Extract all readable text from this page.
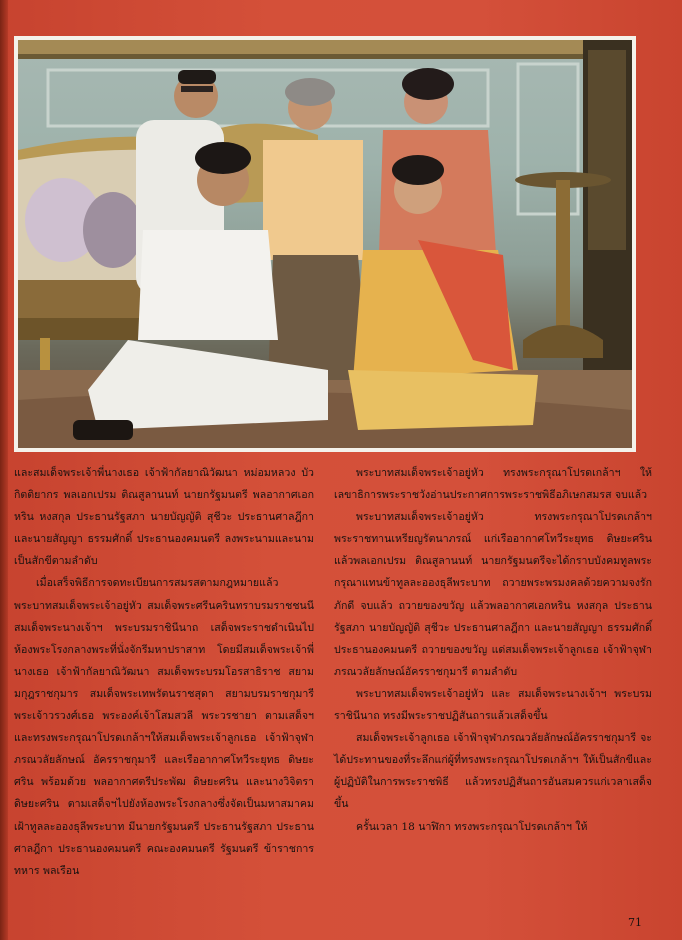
และสมเด็จพระเจ้าพี่นางเธอ เจ้าฟ้ากัลยาณิวัฒนา หม่อมหลวง บัว กิตติยากร พลเอกเปรม ติณสูลานนท์ นายกรัฐมนตรี พลอากาศเอกหริน หงสกุล ประธานรัฐสภา นายบัญญัติ สุชีวะ ประธานศาลฎีกา และนายสัญญา ธรรมศักดิ์ ประธานองคมนตรี ลงพระนามและนามเป็นสักขีตามลำดับ

เมื่อเสร็จพิธีการจดทะเบียนการสมรสตามกฎหมายแล้ว พระบาทสมเด็จพระเจ้าอยู่หัว สมเด็จพระศรีนครินทราบรมราชชนนี สมเด็จพระนางเจ้าฯ พระบรมราชินีนาถ เสด็จพระราชดำเนินไปห้องพระโรงกลางพระที่นั่งจักรีมหาปราสาท โดยมีสมเด็จพระเจ้าพี่นางเธอ เจ้าฟ้ากัลยาณิวัฒนา สมเด็จพระบรมโอรสาธิราช สยามมกุฎราชกุมาร สมเด็จพระเทพรัตนราชสุดา สยามบรมราชกุมารี พระเจ้าวรวงศ์เธอ พระองค์เจ้าโสมสวลี พระวรชายา ตามเสด็จฯ และทรงพระกรุณาโปรดเกล้าฯให้สมเด็จพระเจ้าลูกเธอ เจ้าฟ้าจุฬาภรณวลัยลักษณ์ อัครราชกุมารี และเรืออากาศโทวีระยุทธ ดิษยะศริน พร้อมด้วย พลอากาศตรีประพัฒ ดิษยะศริน และนางวิจิตรา ดิษยะศริน ตามเสด็จฯไปยังห้องพระโรงกลางซึ่งจัดเป็นมหาสมาคมเฝ้าทูลละอองธุลีพระบาท มีนายกรัฐมนตรี ประธานรัฐสภา ประธานศาลฎีกา ประธานองคมนตรี คณะองคมนตรี รัฐมนตรี ข้าราชการทหาร พลเรือน

พระบาทสมเด็จพระเจ้าอยู่หัว ทรงพระกรุณาโปรดเกล้าฯ ให้เลขาธิการพระราชวังอ่านประกาศการพระราชพิธีอภิเษกสมรส จบแล้ว

พระบาทสมเด็จพระเจ้าอยู่หัว ทรงพระกรุณาโปรดเกล้าฯ พระราชทานเหรียญรัตนาภรณ์ แก่เรืออากาศโทวีระยุทธ ดิษยะศริน แล้วพลเอกเปรม ติณสูลานนท์ นายกรัฐมนตรีจะได้กราบบังคมทูลพระกรุณาแทนข้าทูลละอองธุลีพระบาท ถวายพระพรมงคลด้วยความจงรักภักดี จบแล้ว ถวายของขวัญ แล้วพลอากาศเอกหริน หงสกุล ประธานรัฐสภา นายบัญญัติ สุชีวะ ประธานศาลฎีกา และนายสัญญา ธรรมศักดิ์ ประธานองคมนตรี ถวายของขวัญ แด่สมเด็จพระเจ้าลูกเธอ เจ้าฟ้าจุฬาภรณวลัยลักษณ์อัครราชกุมารี ตามลำดับ

พระบาทสมเด็จพระเจ้าอยู่หัว และ สมเด็จพระนางเจ้าฯ พระบรมราชินีนาถ ทรงมีพระราชปฏิสันถารแล้วเสด็จขึ้น

สมเด็จพระเจ้าลูกเธอ เจ้าฟ้าจุฬาภรณวลัยลักษณ์อัครราชกุมารี จะได้ประทานของที่ระลึกแก่ผู้ที่ทรงพระกรุณาโปรดเกล้าฯ ให้เป็นสักขีและผู้ปฏิบัติในการพระราชพิธี แล้วทรงปฏิสันถารอันสมควรแก่เวลาเสด็จขึ้น

ครั้นเวลา 18 นาฬิกา ทรงพระกรุณาโปรดเกล้าฯ ให้

71
